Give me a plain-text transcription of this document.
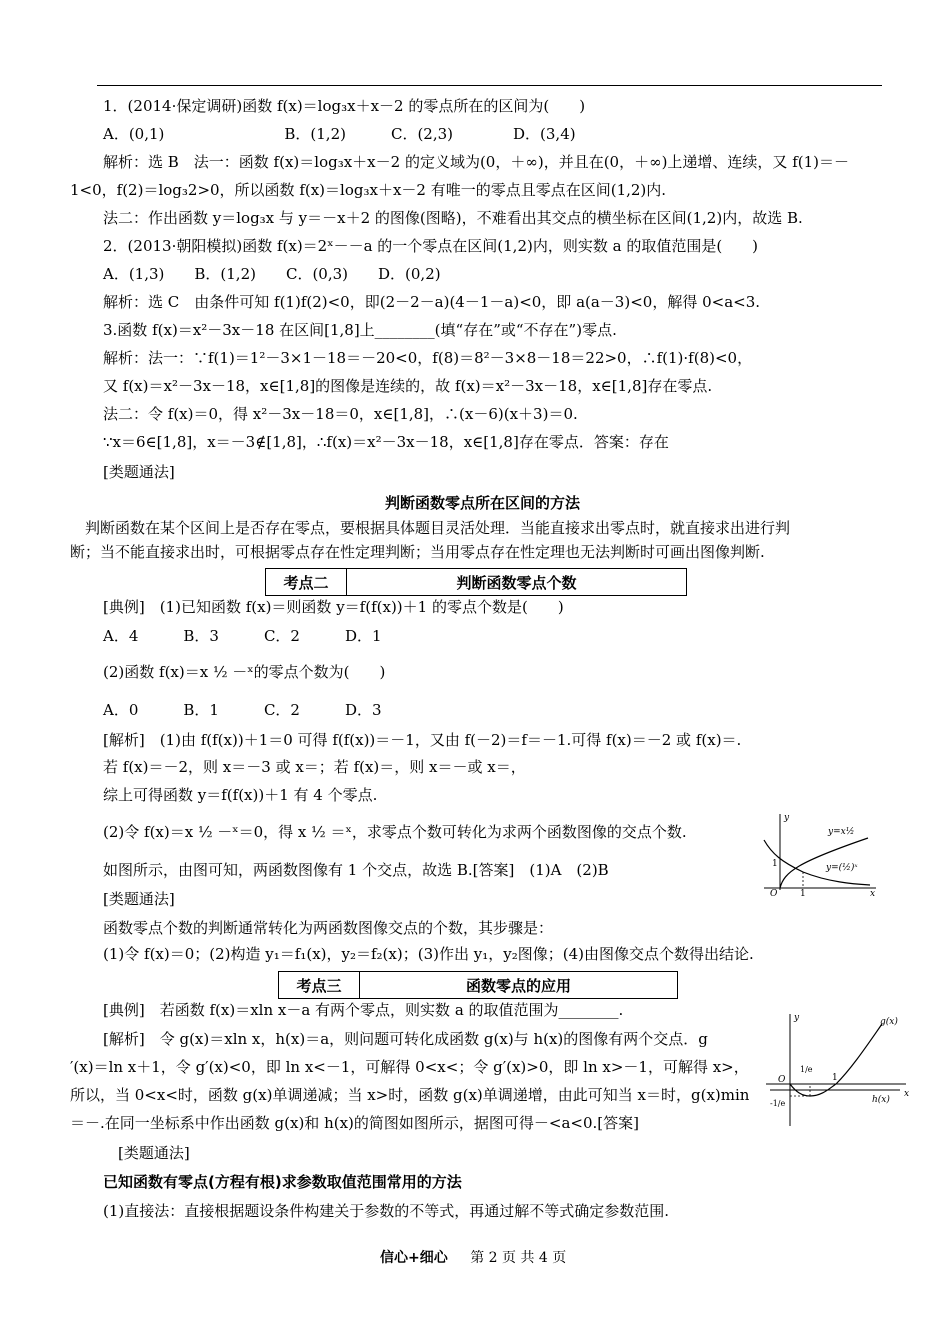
1．(2014·保定调研)函数 f(x)＝log₃x＋x－2 的零点所在的区间为(　　)
A．(0,1)　　　　　　　　B．(1,2)　　　C．(2,3)　　　　D．(3,4)
解析：选 B　法一：函数 f(x)＝log₃x＋x－2 的定义域为(0，＋∞)，并且在(0，＋∞)上递增、连续，又 f(1)＝－
1<0，f(2)＝log₃2>0，所以函数 f(x)＝log₃x＋x－2 有唯一的零点且零点在区间(1,2)内.
法二：作出函数 y＝log₃x 与 y＝－x＋2 的图像(图略)，不难看出其交点的横坐标在区间(1,2)内，故选 B.
2．(2013·朝阳模拟)函数 f(x)＝2ˣ－－a 的一个零点在区间(1,2)内，则实数 a 的取值范围是(　　)
A．(1,3)　　B．(1,2)　　C．(0,3)　　D．(0,2)
解析：选 C　由条件可知 f(1)f(2)<0，即(2－2－a)(4－1－a)<0，即 a(a－3)<0，解得 0<a<3.
3.函数 f(x)＝x²－3x－18 在区间[1,8]上________(填“存在”或“不存在”)零点.
解析：法一：∵f(1)＝1²－3×1－18＝－20<0，f(8)＝8²－3×8－18＝22>0，∴f(1)·f(8)<0，
又 f(x)＝x²－3x－18，x∈[1,8]的图像是连续的，故 f(x)＝x²－3x－18，x∈[1,8]存在零点.
法二：令 f(x)＝0，得 x²－3x－18＝0，x∈[1,8]，∴(x－6)(x＋3)＝0.
∵x＝6∈[1,8]，x＝－3∉[1,8]，∴f(x)＝x²－3x－18，x∈[1,8]存在零点．答案：存在
[类题通法]
判断函数零点所在区间的方法
　判断函数在某个区间上是否存在零点，要根据具体题目灵活处理．当能直接求出零点时，就直接求出进行判
断；当不能直接求出时，可根据零点存在性定理判断；当用零点存在性定理也无法判断时可画出图像判断.
考点二	判断函数零点个数
[典例]　(1)已知函数 f(x)＝则函数 y＝f(f(x))＋1 的零点个数是(　　)
A．4　　　B．3　　　C．2　　　D．1
(2)函数 f(x)＝x ½ －ˣ的零点个数为(　　)
A．0　　　B．1　　　C．2　　　D．3
[解析]　(1)由 f(f(x))＋1＝0 可得 f(f(x))＝－1，又由 f(－2)＝f＝－1.可得 f(x)＝－2 或 f(x)＝.
若 f(x)＝－2，则 x＝－3 或 x＝；若 f(x)＝，则 x＝－或 x＝，
综上可得函数 y＝f(f(x))＋1 有 4 个零点.
(2)令 f(x)＝x ½ －ˣ＝0，得 x ½ ＝ˣ，求零点个数可转化为求两个函数图像的交点个数.
如图所示，由图可知，两函数图像有 1 个交点，故选 B.[答案]　(1)A　(2)B
[类题通法]
函数零点个数的判断通常转化为两函数图像交点的个数，其步骤是：
(1)令 f(x)＝0；(2)构造 y₁＝f₁(x)，y₂＝f₂(x)；(3)作出 y₁，y₂图像；(4)由图像交点个数得出结论.
y
x
O	1
1
y=x½
y=(½)ˣ
考点三	函数零点的应用
[典例]　若函数 f(x)＝xln x－a 有两个零点，则实数 a 的取值范围为________.
[解析]　令 g(x)＝xln x，h(x)＝a，则问题可转化成函数 g(x)与 h(x)的图像有两个交点．g
′(x)＝ln x＋1，令 g′(x)<0，即 ln x<－1，可解得 0<x<；令 g′(x)>0，即 ln x>－1，可解得 x>，
所以，当 0<x<时，函数 g(x)单调递减；当 x>时，函数 g(x)单调递增，由此可知当 x＝时，g(x)min
＝－.在同一坐标系中作出函数 g(x)和 h(x)的简图如图所示，据图可得－<a<0.[答案]
　[类题通法]
已知函数有零点(方程有根)求参数取值范围常用的方法
(1)直接法：直接根据题设条件构建关于参数的不等式，再通过解不等式确定参数范围.
y
x
O
1/e
1
-1/e
g(x)
h(x)
信心+细心 第 2 页 共 4 页
